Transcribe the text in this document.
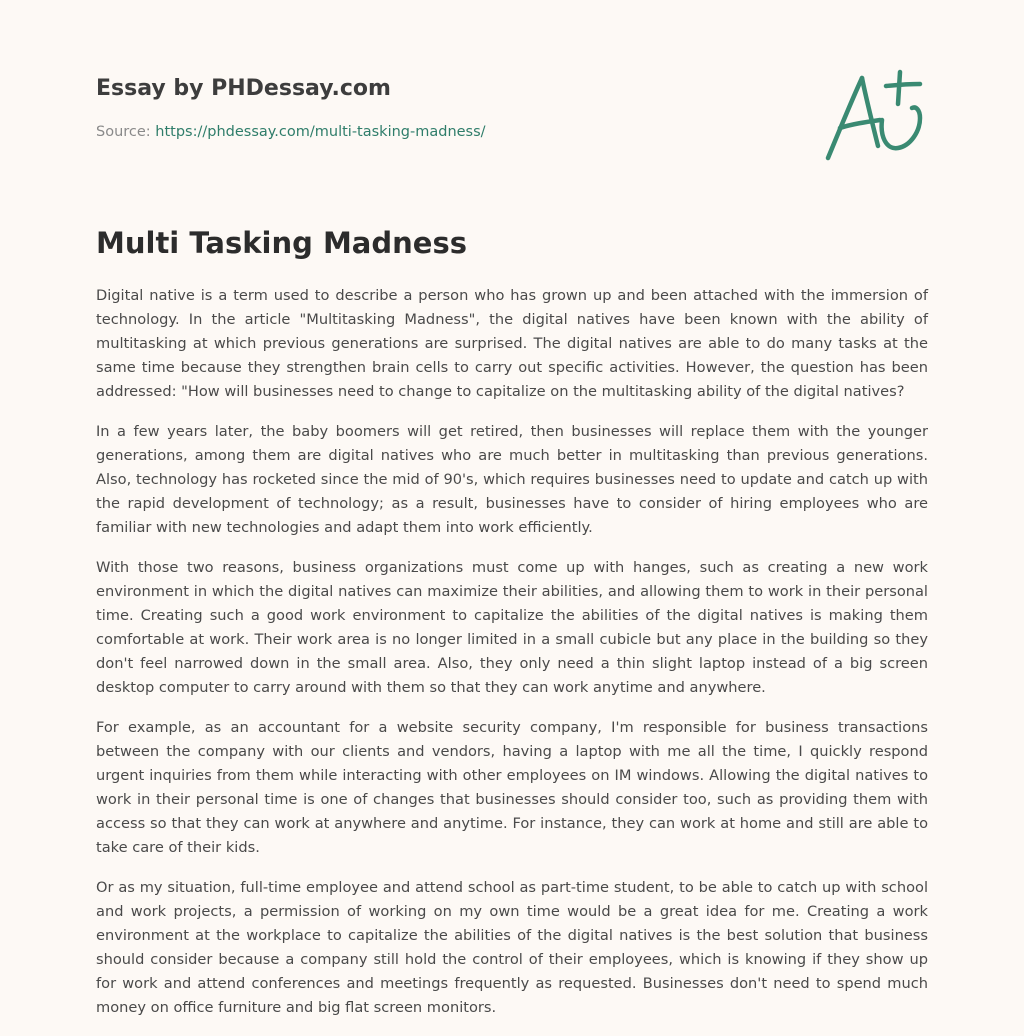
Essay by PHDessay.com

Source: https://phdessay.com/multi-tasking-madness/

Multi Tasking Madness

Digital native is a term used to describe a person who has grown up and been attached with the immersion of technology. In the article "Multitasking Madness", the digital natives have been known with the ability of multitasking at which previous generations are surprised. The digital natives are able to do many tasks at the same time because they strengthen brain cells to carry out specific activities. However, the question has been addressed: "How will businesses need to change to capitalize on the multitasking ability of the digital natives?

In a few years later, the baby boomers will get retired, then businesses will replace them with the younger generations, among them are digital natives who are much better in multitasking than previous generations. Also, technology has rocketed since the mid of 90's, which requires businesses need to update and catch up with the rapid development of technology; as a result, businesses have to consider of hiring employees who are familiar with new technologies and adapt them into work efficiently.

With those two reasons, business organizations must come up with hanges, such as creating a new work environment in which the digital natives can maximize their abilities, and allowing them to work in their personal time. Creating such a good work environment to capitalize the abilities of the digital natives is making them comfortable at work. Their work area is no longer limited in a small cubicle but any place in the building so they don't feel narrowed down in the small area. Also, they only need a thin slight laptop instead of a big screen desktop computer to carry around with them so that they can work anytime and anywhere.

For example, as an accountant for a website security company, I'm responsible for business transactions between the company with our clients and vendors, having a laptop with me all the time, I quickly respond urgent inquiries from them while interacting with other employees on IM windows. Allowing the digital natives to work in their personal time is one of changes that businesses should consider too, such as providing them with access so that they can work at anywhere and anytime. For instance, they can work at home and still are able to take care of their kids.

Or as my situation, full-time employee and attend school as part-time student, to be able to catch up with school and work projects, a permission of working on my own time would be a great idea for me. Creating a work environment at the workplace to capitalize the abilities of the digital natives is the best solution that business should consider because a company still hold the control of their employees, which is knowing if they show up for work and attend conferences and meetings frequently as requested. Businesses don't need to spend much money on office furniture and big flat screen monitors.
